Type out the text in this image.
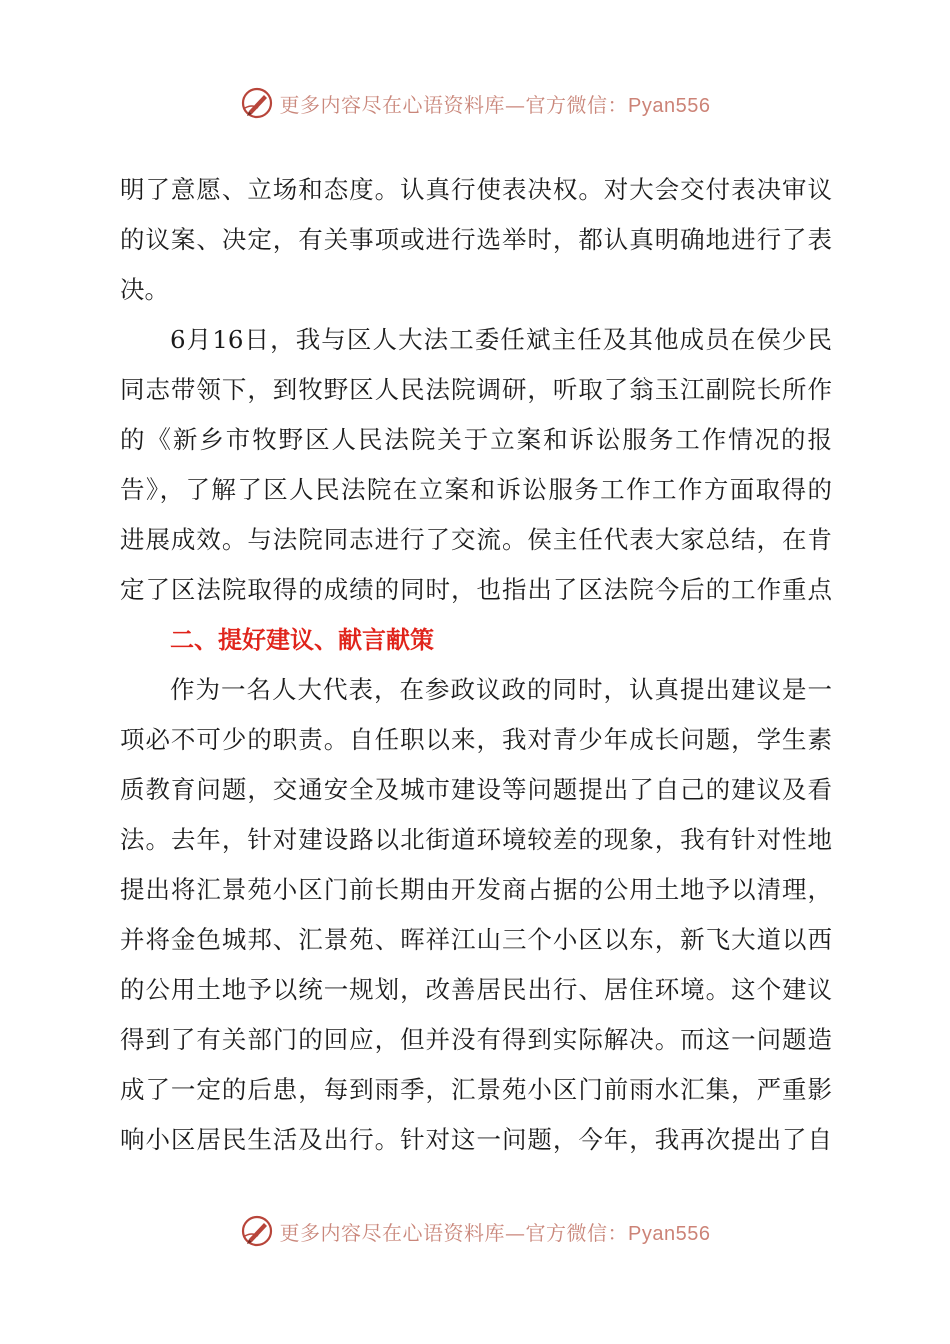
更多内容尽在心语资料库—官方微信：Pyan556
明了意愿、立场和态度。认真行使表决权。对大会交付表决审议
的议案、决定，有关事项或进行选举时，都认真明确地进行了表
决。
6月16日，我与区人大法工委任斌主任及其他成员在侯少民
同志带领下，到牧野区人民法院调研，听取了翁玉江副院长所作
的《新乡市牧野区人民法院关于立案和诉讼服务工作情况的报
告》，了解了区人民法院在立案和诉讼服务工作工作方面取得的
进展成效。与法院同志进行了交流。侯主任代表大家总结，在肯
定了区法院取得的成绩的同时，也指出了区法院今后的工作重点
二、提好建议、献言献策
作为一名人大代表，在参政议政的同时，认真提出建议是一
项必不可少的职责。自任职以来，我对青少年成长问题，学生素
质教育问题，交通安全及城市建设等问题提出了自己的建议及看
法。去年，针对建设路以北街道环境较差的现象，我有针对性地
提出将汇景苑小区门前长期由开发商占据的公用土地予以清理，
并将金色城邦、汇景苑、晖祥江山三个小区以东，新飞大道以西
的公用土地予以统一规划，改善居民出行、居住环境。这个建议
得到了有关部门的回应，但并没有得到实际解决。而这一问题造
成了一定的后患，每到雨季，汇景苑小区门前雨水汇集，严重影
响小区居民生活及出行。针对这一问题，今年，我再次提出了自
更多内容尽在心语资料库—官方微信：Pyan556
